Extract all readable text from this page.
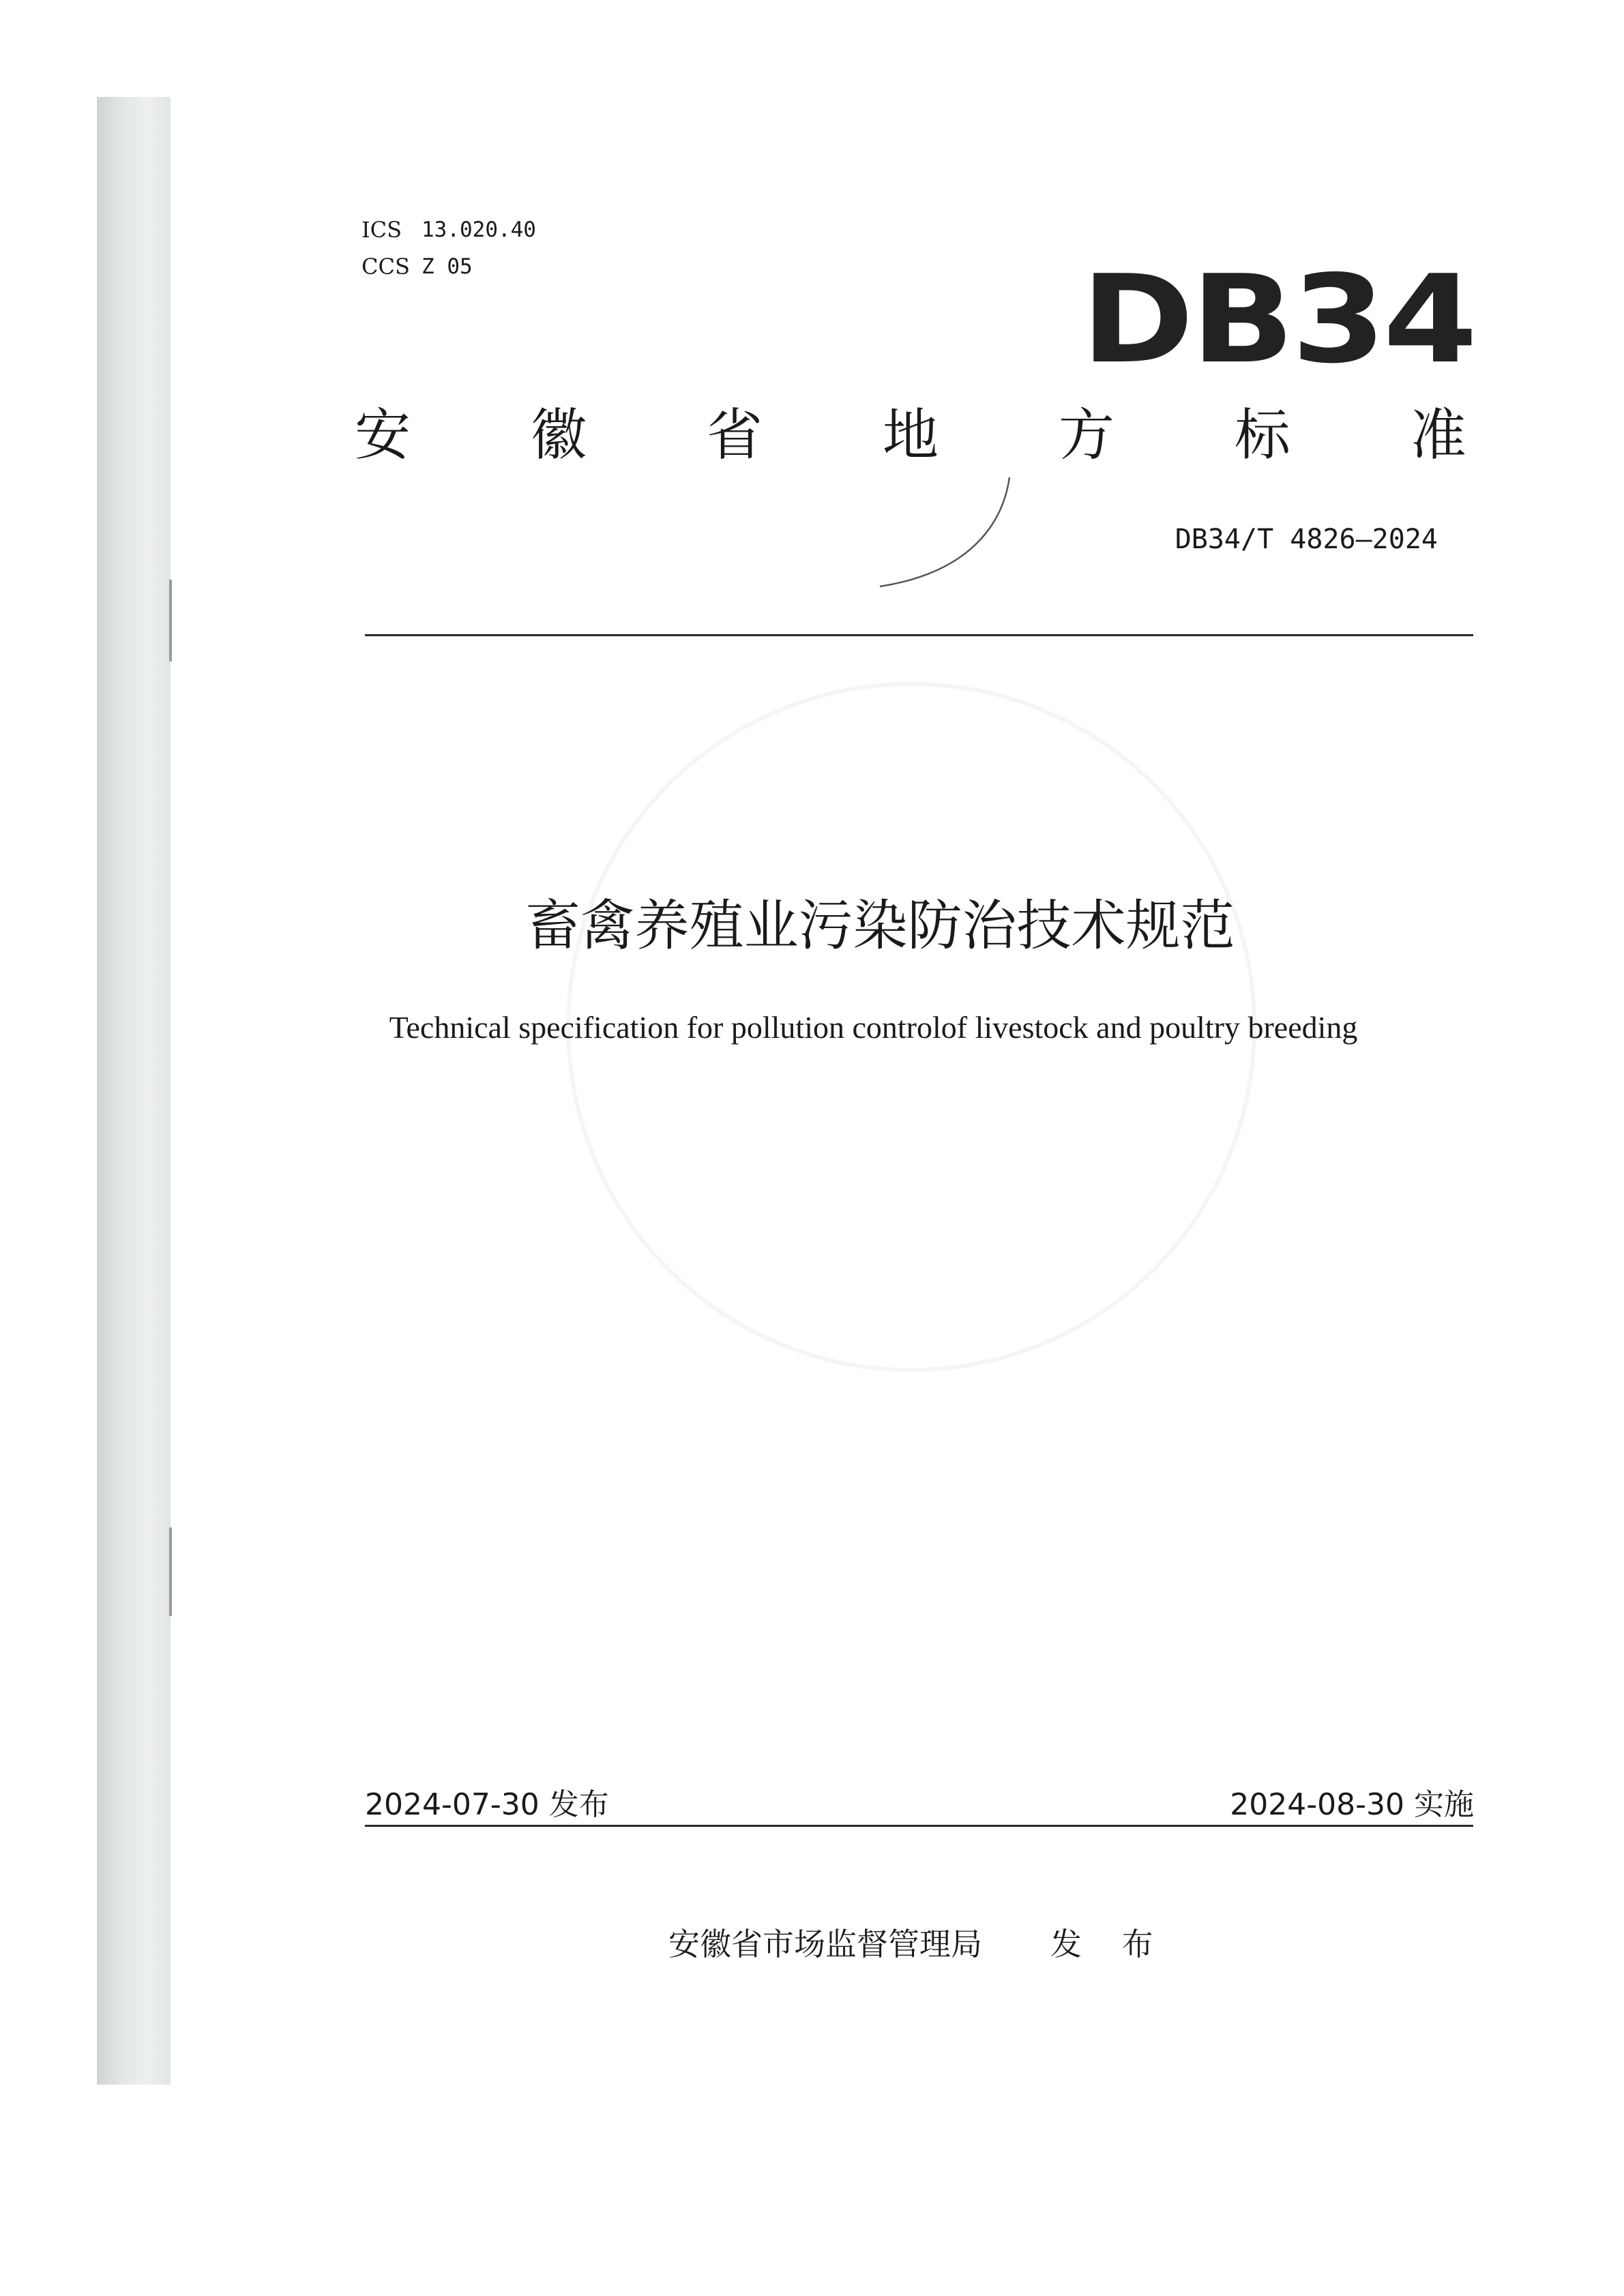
ICS 13.020.40
CCS Z 05	DB34
安 徽 省 地 方 标 准
DB34/T 4826—2024
畜禽养殖业污染防治技术规范
Technical specification for pollution controlof livestock and poultry breeding
2024-07-30 发布	2024-08-30 实施
安徽省市场监督管理局 发 布
